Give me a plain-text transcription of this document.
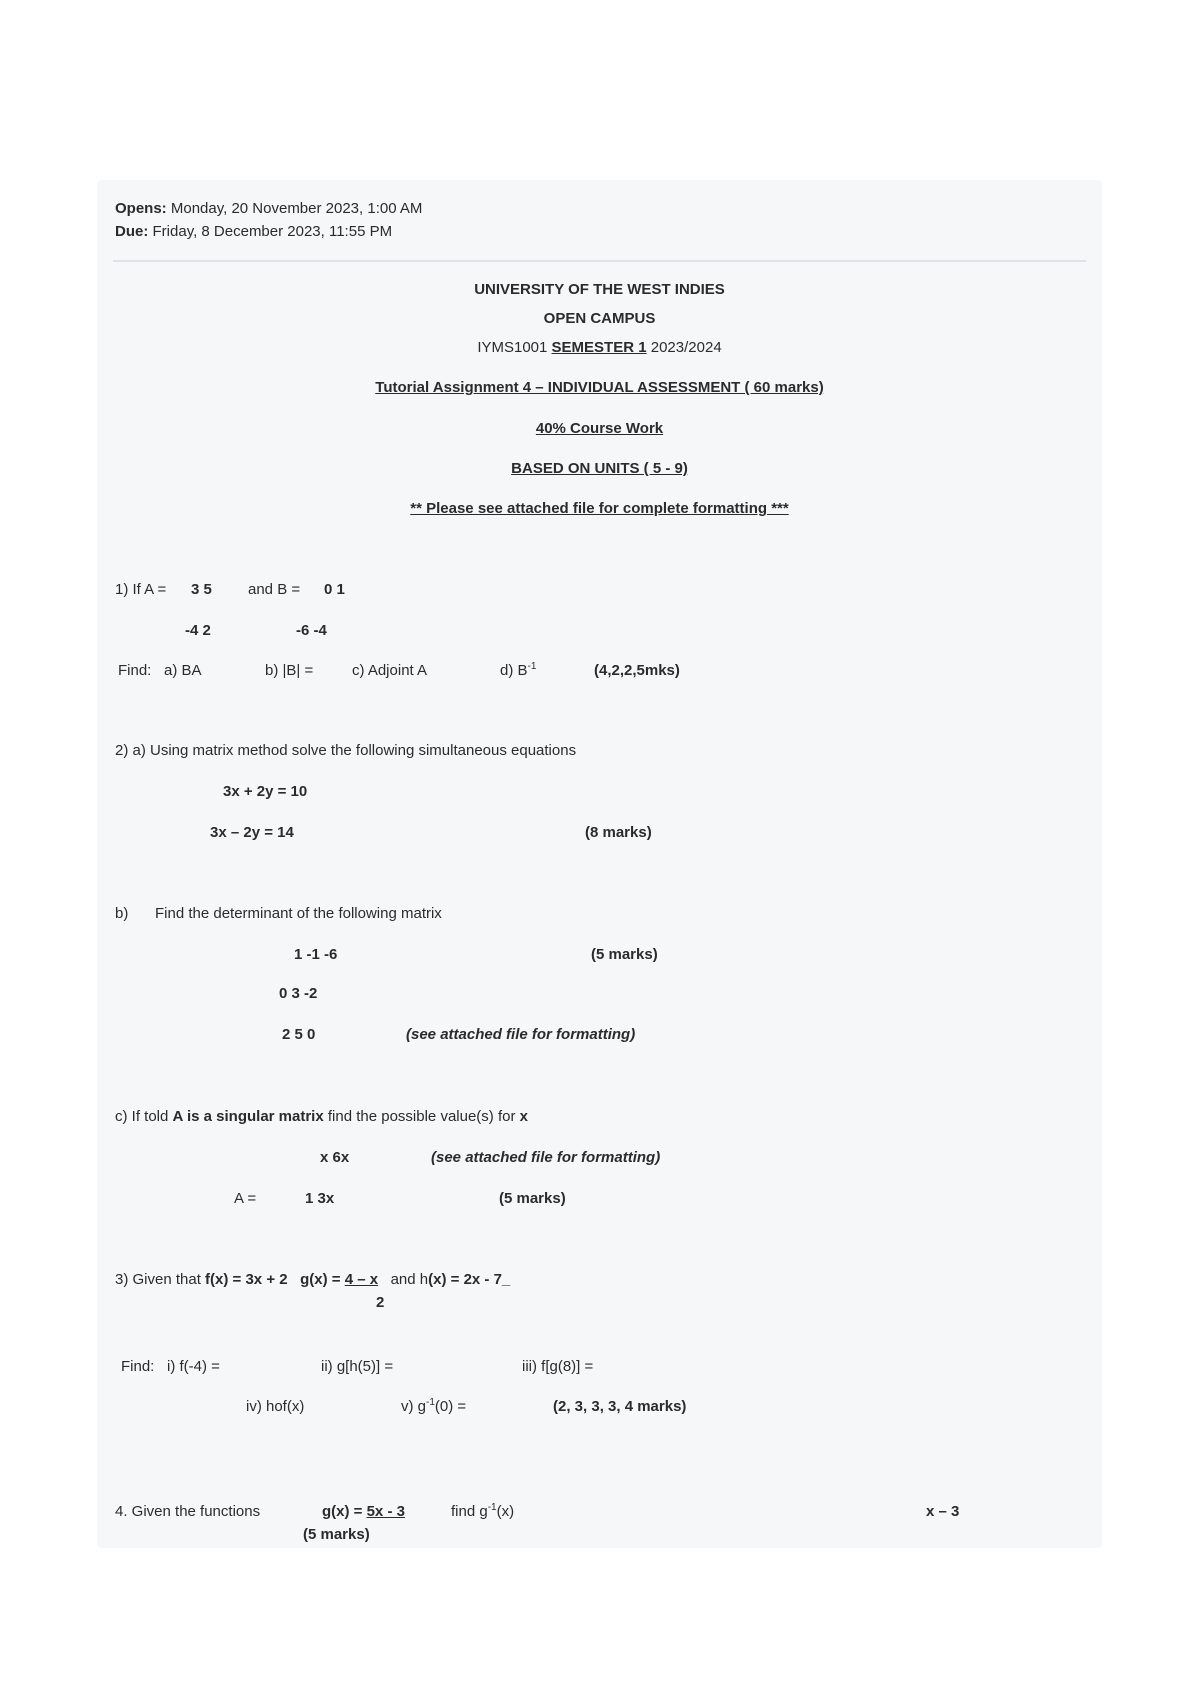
Opens: Monday, 20 November 2023, 1:00 AM
Due: Friday, 8 December 2023, 11:55 PM
UNIVERSITY OF THE WEST INDIES
OPEN CAMPUS
IYMS1001 SEMESTER 1 2023/2024
Tutorial Assignment 4 – INDIVIDUAL ASSESSMENT ( 60 marks)
40% Course Work
BASED ON UNITS ( 5 - 9)
** Please see attached file for complete formatting ***
1) If A = 3 5 and B = 0 1
-4 2	-6 -4
Find: a) BA	b) |B| =	c) Adjoint A	d) $B^{-1}$	(4,2,2,5mks)
2) a) Using matrix method solve the following simultaneous equations
3x + 2y = 10
3x – 2y = 14	(8 marks)
b) Find the determinant of the following matrix
1 -1 -6	(5 marks)
0 3 -2
2 5 0	(see attached file for formatting)
c) If told A is a singular matrix find the possible value(s) for x
x 6x	(see attached file for formatting)
A =	1 3x	(5 marks)
3) Given that f(x) = 3x + 2 g(x) = 4 – x and h(x) = 2x - 7_
2
Find: i) f(-4) =	ii) g[h(5)] =	iii) f[g(8)] =
iv) hof(x)	v) $g^{-1}(0)$ =	(2, 3, 3, 3, 4 marks)
4. Given the functions	g(x) = 5x - 3	find $g^{-1}(x)$	x – 3
(5 marks)
